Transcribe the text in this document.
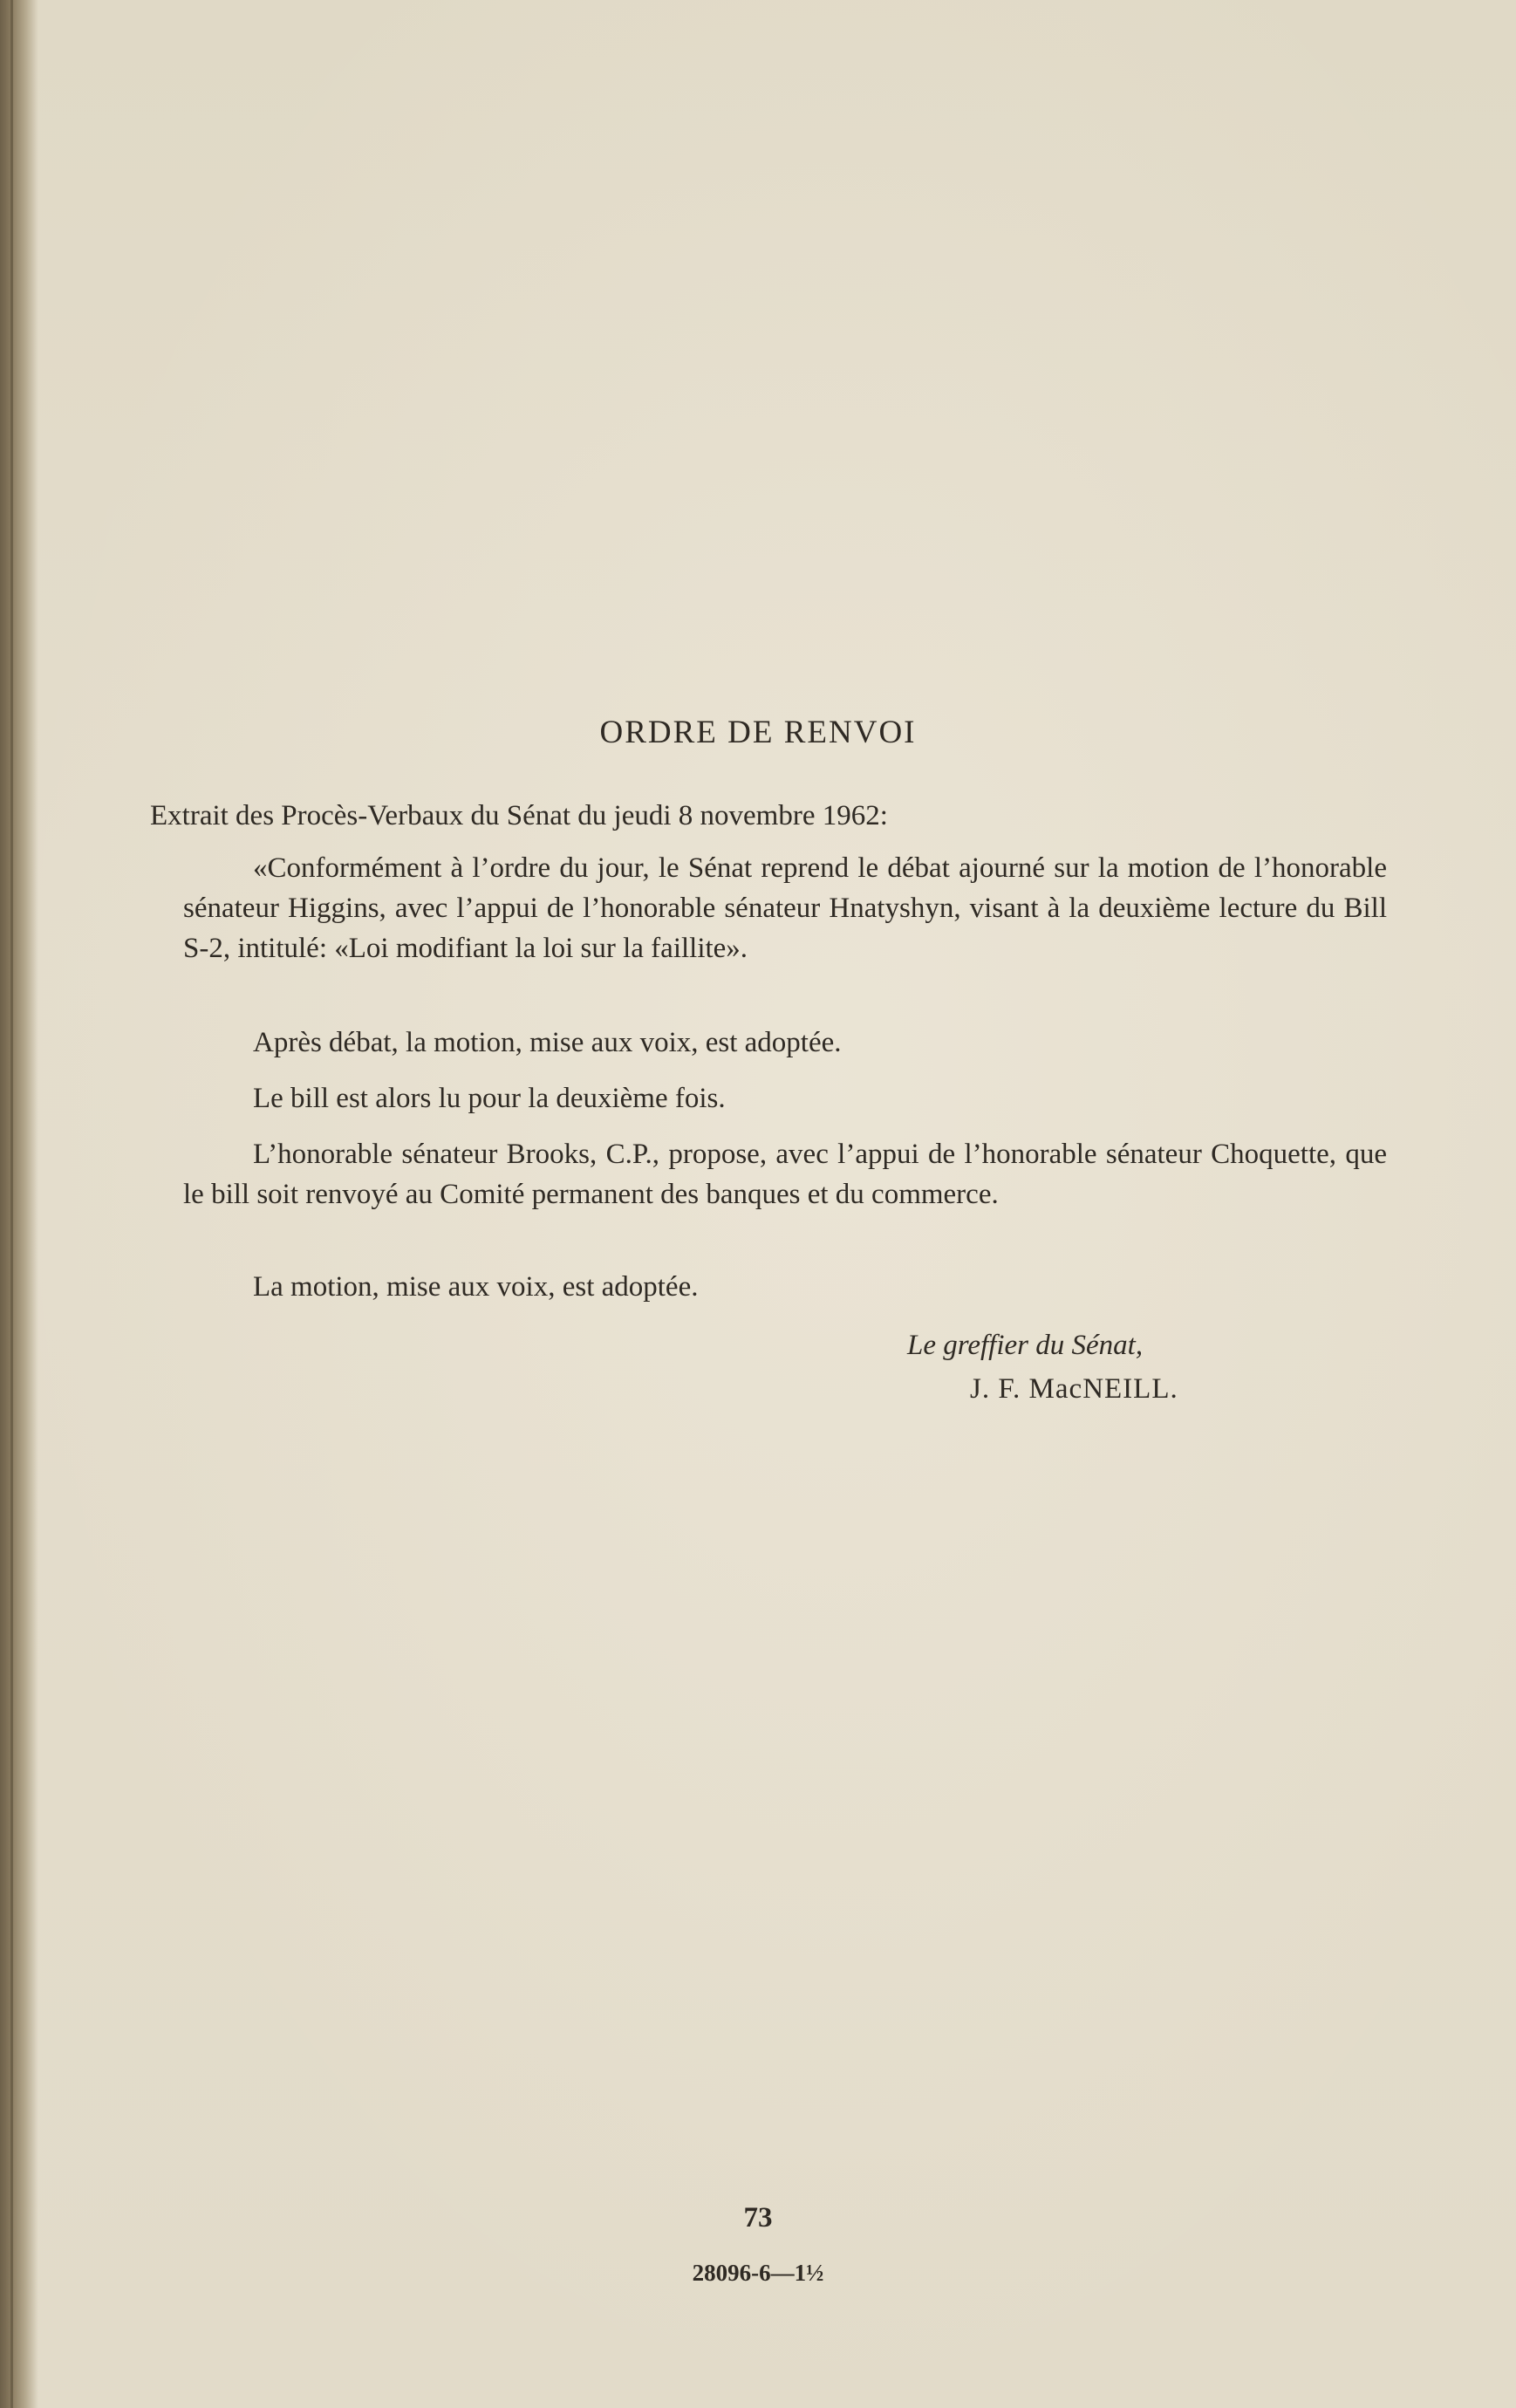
ORDRE DE RENVOI

Extrait des Procès-Verbaux du Sénat du jeudi 8 novembre 1962:

«Conformément à l’ordre du jour, le Sénat reprend le débat ajourné sur la motion de l’honorable sénateur Higgins, avec l’appui de l’honorable sénateur Hnatyshyn, visant à la deuxième lecture du Bill S-2, intitulé: «Loi modifiant la loi sur la faillite».

Après débat, la motion, mise aux voix, est adoptée.

Le bill est alors lu pour la deuxième fois.

L’honorable sénateur Brooks, C.P., propose, avec l’appui de l’honorable sénateur Choquette, que le bill soit renvoyé au Comité permanent des banques et du commerce.

La motion, mise aux voix, est adoptée.

Le greffier du Sénat,

J. F. MacNEILL.

73

28096-6—1½
